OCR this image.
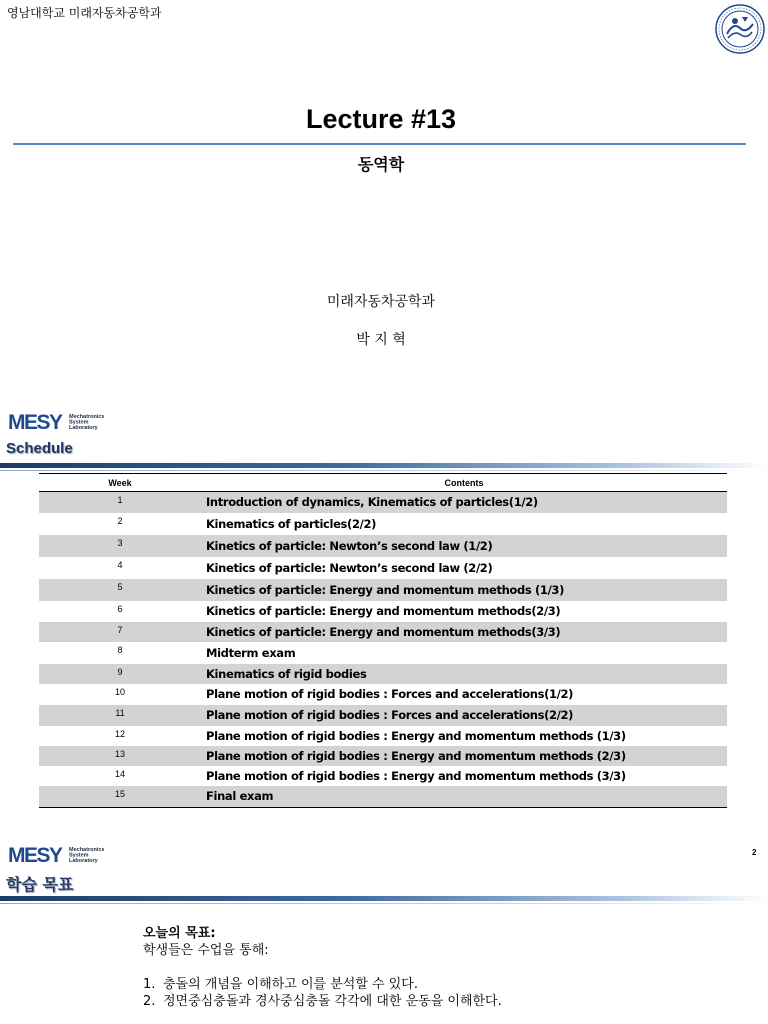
영남대학교 미래자동차공학과
Lecture #13
동역학
미래자동차공학과
박 지 혁
MESY Mechatronics
System
Laboratory
Schedule
Week	Contents
1	Introduction of dynamics, Kinematics of particles(1/2)
2	Kinematics of particles(2/2)
3	Kinetics of particle: Newton’s second law (1/2)
4	Kinetics of particle: Newton’s second law (2/2)
5	Kinetics of particle: Energy and momentum methods (1/3)
6	Kinetics of particle: Energy and momentum methods(2/3)
7	Kinetics of particle: Energy and momentum methods(3/3)
8	Midterm exam
9	Kinematics of rigid bodies
10	Plane motion of rigid bodies : Forces and accelerations(1/2)
11	Plane motion of rigid bodies : Forces and accelerations(2/2)
12	Plane motion of rigid bodies : Energy and momentum methods (1/3)
13	Plane motion of rigid bodies : Energy and momentum methods (2/3)
14	Plane motion of rigid bodies : Energy and momentum methods (3/3)
15	Final exam
2
MESY Mechatronics
System
Laboratory
학습 목표
오늘의 목표:
학생들은 수업을 통해:
1. 충돌의 개념을 이해하고 이를 분석할 수 있다.
2. 정면중심충돌과 경사중심충돌 각각에 대한 운동을 이해한다.
